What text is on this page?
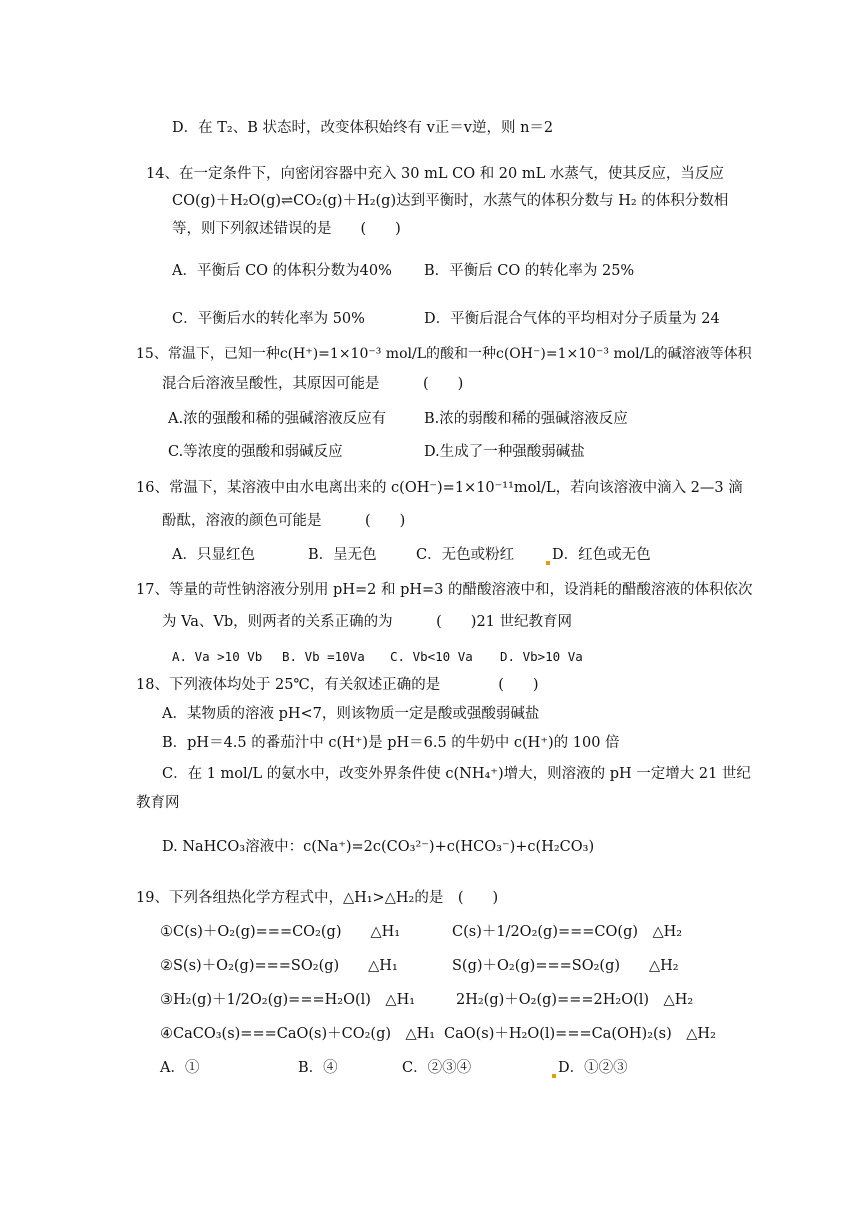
D．在 T₂、B 状态时，改变体积始终有 v正＝v逆，则 n＝2
14、在一定条件下，向密闭容器中充入 30 mL CO 和 20 mL 水蒸气，使其反应，当反应
CO(g)＋H₂O(g)⇌CO₂(g)＋H₂(g)达到平衡时，水蒸气的体积分数与 H₂ 的体积分数相
等，则下列叙述错误的是　　(　　)
A．平衡后 CO 的体积分数为40% B．平衡后 CO 的转化率为 25%
C．平衡后水的转化率为 50%	D．平衡后混合气体的平均相对分子质量为 24
15、常温下，已知一种c(H⁺)=1×10⁻³ mol/L的酸和一种c(OH⁻)=1×10⁻³ mol/L的碱溶液等体积
混合后溶液呈酸性，其原因可能是　　　(　　)
A.浓的强酸和稀的强碱溶液反应有	B.浓的弱酸和稀的强碱溶液反应
C.等浓度的强酸和弱碱反应	D.生成了一种强酸弱碱盐
16、常温下，某溶液中由水电离出来的 c(OH⁻)=1×10⁻¹¹mol/L，若向该溶液中滴入 2—3 滴
酚酞，溶液的颜色可能是　　　(　　)
A．只显红色	B．呈无色	C．无色或粉红	D．红色或无色
17、等量的苛性钠溶液分别用 pH=2 和 pH=3 的醋酸溶液中和，设消耗的醋酸溶液的体积依次
为 Va、Vb，则两者的关系正确的为　　　(　　)21 世纪教育网
A. Va >10 Vb B. Vb =10Va C. Vb<10 Va D. Vb>10 Va
18、下列液体均处于 25℃，有关叙述正确的是　　　　(　　)
A．某物质的溶液 pH<7，则该物质一定是酸或强酸弱碱盐
B．pH＝4.5 的番茄汁中 c(H⁺)是 pH＝6.5 的牛奶中 c(H⁺)的 100 倍
C．在 1 mol/L 的氨水中，改变外界条件使 c(NH₄⁺)增大，则溶液的 pH 一定增大 21 世纪
教育网
D. NaHCO₃溶液中：c(Na⁺)=2c(CO₃²⁻)+c(HCO₃⁻)+c(H₂CO₃)
19、下列各组热化学方程式中，△H₁>△H₂的是　(　　)
①C(s)＋O₂(g)===CO₂(g)　　△H₁	C(s)＋1/2O₂(g)===CO(g)　△H₂
②S(s)＋O₂(g)===SO₂(g)　　△H₁	S(g)＋O₂(g)===SO₂(g)　　△H₂
③H₂(g)＋1/2O₂(g)===H₂O(l)　△H₁	2H₂(g)＋O₂(g)===2H₂O(l)　△H₂
④CaCO₃(s)===CaO(s)＋CO₂(g)　△H₁ CaO(s)＋H₂O(l)===Ca(OH)₂(s)　△H₂
A．①	B．④	C．②③④	D．①②③
